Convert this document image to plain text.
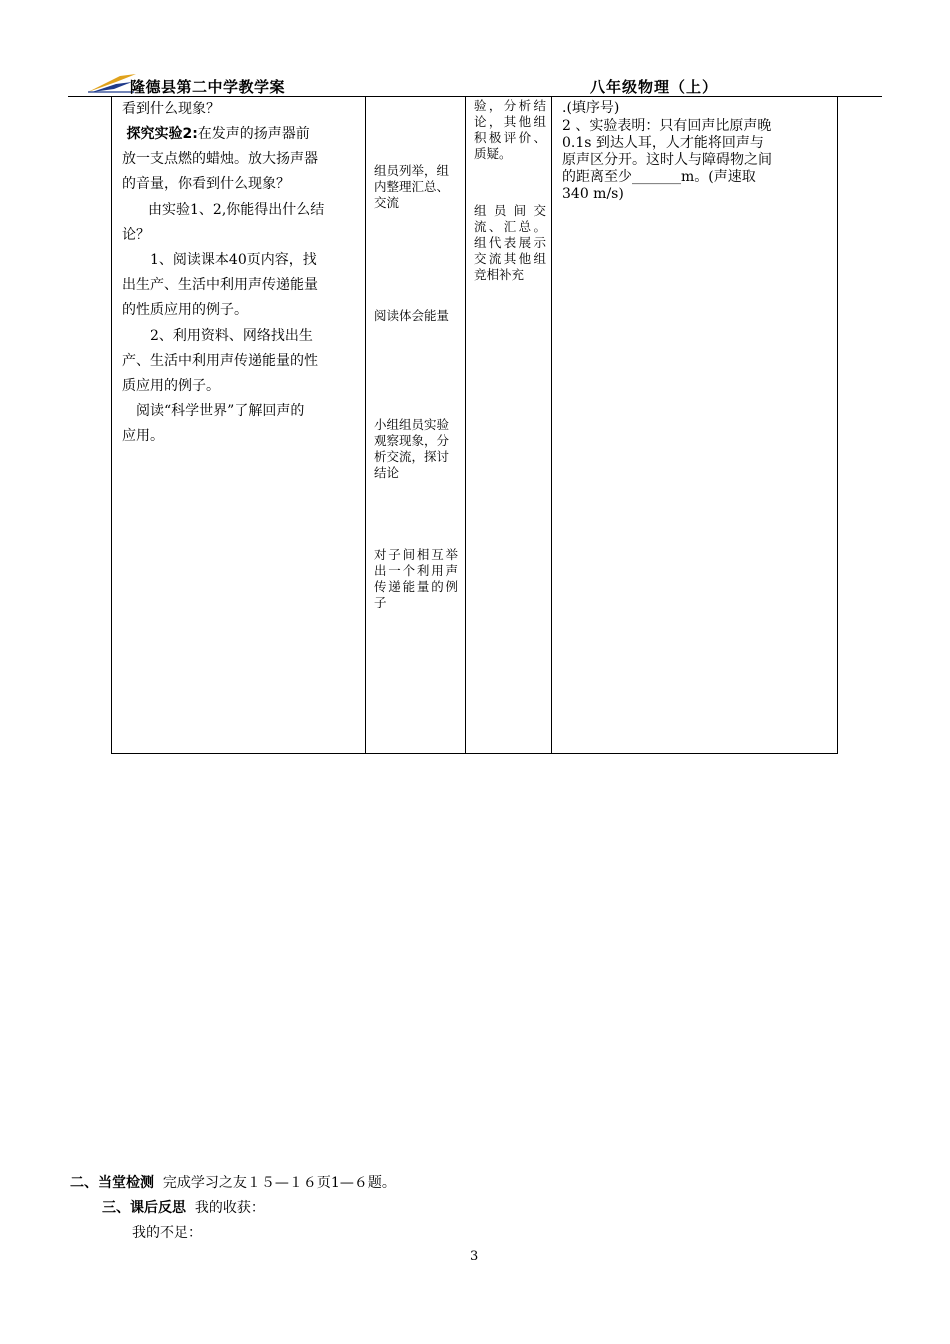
隆德县第二中学教学案	八年级物理（上）

看到什么现象？

探究实验2:在发声的扬声器前

放一支点燃的蜡烛。放大扬声器

的音量，你看到什么现象？

由实验1、2,你能得出什么结

论？

1、阅读课本40页内容，找

出生产、生活中利用声传递能量

的性质应用的例子。

2、利用资料、网络找出生

产、生活中利用声传递能量的性

质应用的例子。

阅读“科学世界”了解回声的

应用。

组员列举，组内整理汇总、交流

阅读体会能量

小组组员实验观察现象，分析交流，探讨结论

对子间相互举出一个利用声传递能量的例子

验，分析结论，其他组积极评价、质疑。

组员间交流、汇总。组代表展示交流其他组竞相补充

.(填序号)

2 、实验表明：只有回声比原声晚

0.1s 到达人耳，人才能将回声与

原声区分开。这时人与障碍物之间

的距离至少_______m。(声速取

340 m/s)

二、当堂检测 完成学习之友１５—１６页1—６题。

三、课后反思 我的收获：

我的不足：

3
